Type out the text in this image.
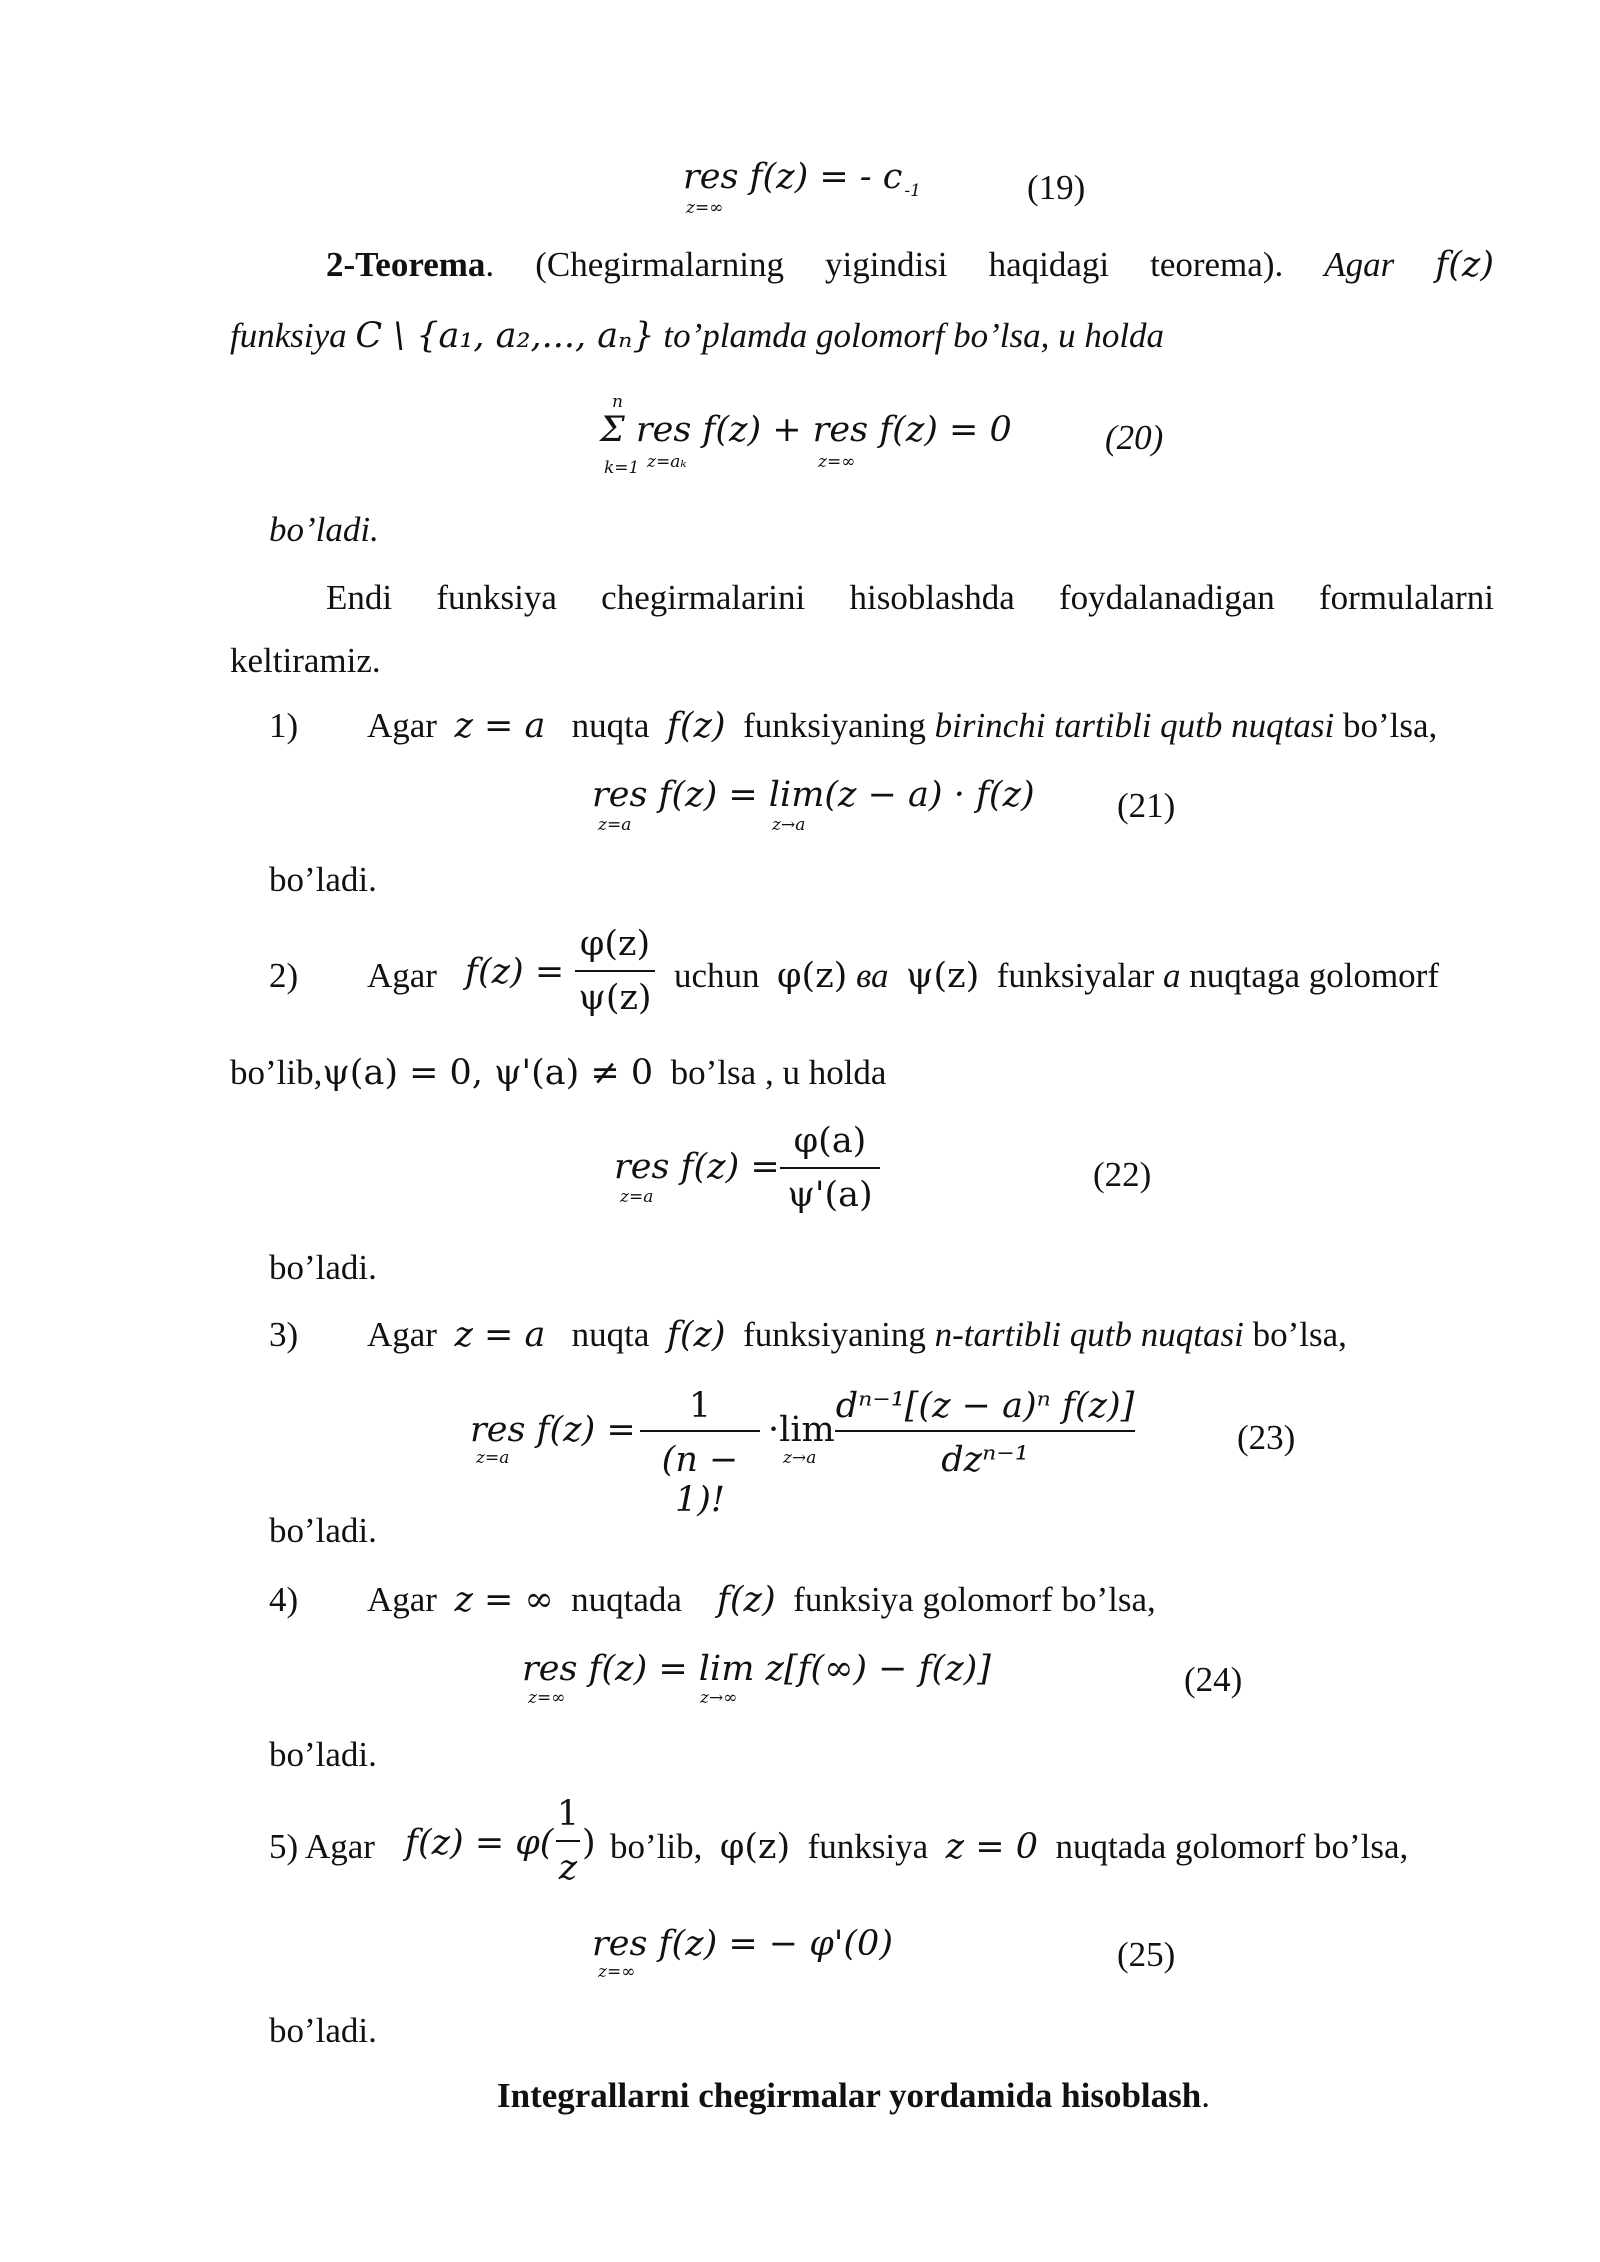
res f(z) = - c $_{-1}$
z=∞
(19)
2-Teorema. (Chegirmalarning yigindisi haqidagi teorema). Agar f(z)
funksiya C \ {a₁, a₂,..., aₙ} to’plamda golomorf bo’lsa, u holda
n
Σ res f(z) + res f(z) = 0
k=1 z=aₖ	z=∞
(20)
bo’ladi.
Endi funksiya chegirmalarini hisoblashda foydalanadigan formulalarni
keltiramiz.
1) Agar z = a nuqta f(z) funksiyaning birinchi tartibli qutb nuqtasi bo’lsa,
res f(z) = lim(z − a) · f(z)
z=a	z→a	(21)
bo’ladi.
2) Agar f(z) =
φ(z)
ψ(z)
uchun φ(z) ва ψ(z) funksiyalar a nuqtaga golomorf
bo’lib,ψ(a) = 0, ψ'(a) ≠ 0 bo’lsa , u holda
res f(z) =
z=a
φ(a)
ψ'(a)
(22)
bo’ladi.
3) Agar z = a nuqta f(z) funksiyaning n-tartibli qutb nuqtasi bo’lsa,
res f(z) =
z=a
1
(n − 1)!
·lim
z→a
dⁿ⁻¹[(z − a)ⁿ f(z)]
dzⁿ⁻¹
(23)
bo’ladi.
4) Agar z = ∞ nuqtada f(z) funksiya golomorf bo’lsa,
res f(z) = lim z[f(∞) − f(z)]
z=∞	z→∞	(24)
bo’ladi.
5) Agar f(z) = φ(
1
z
) bo’lib, φ(z) funksiya z = 0 nuqtada golomorf bo’lsa,
res f(z) = − φ'(0)
z=∞	(25)
bo’ladi.
Integrallarni chegirmalar yordamida hisoblash.
